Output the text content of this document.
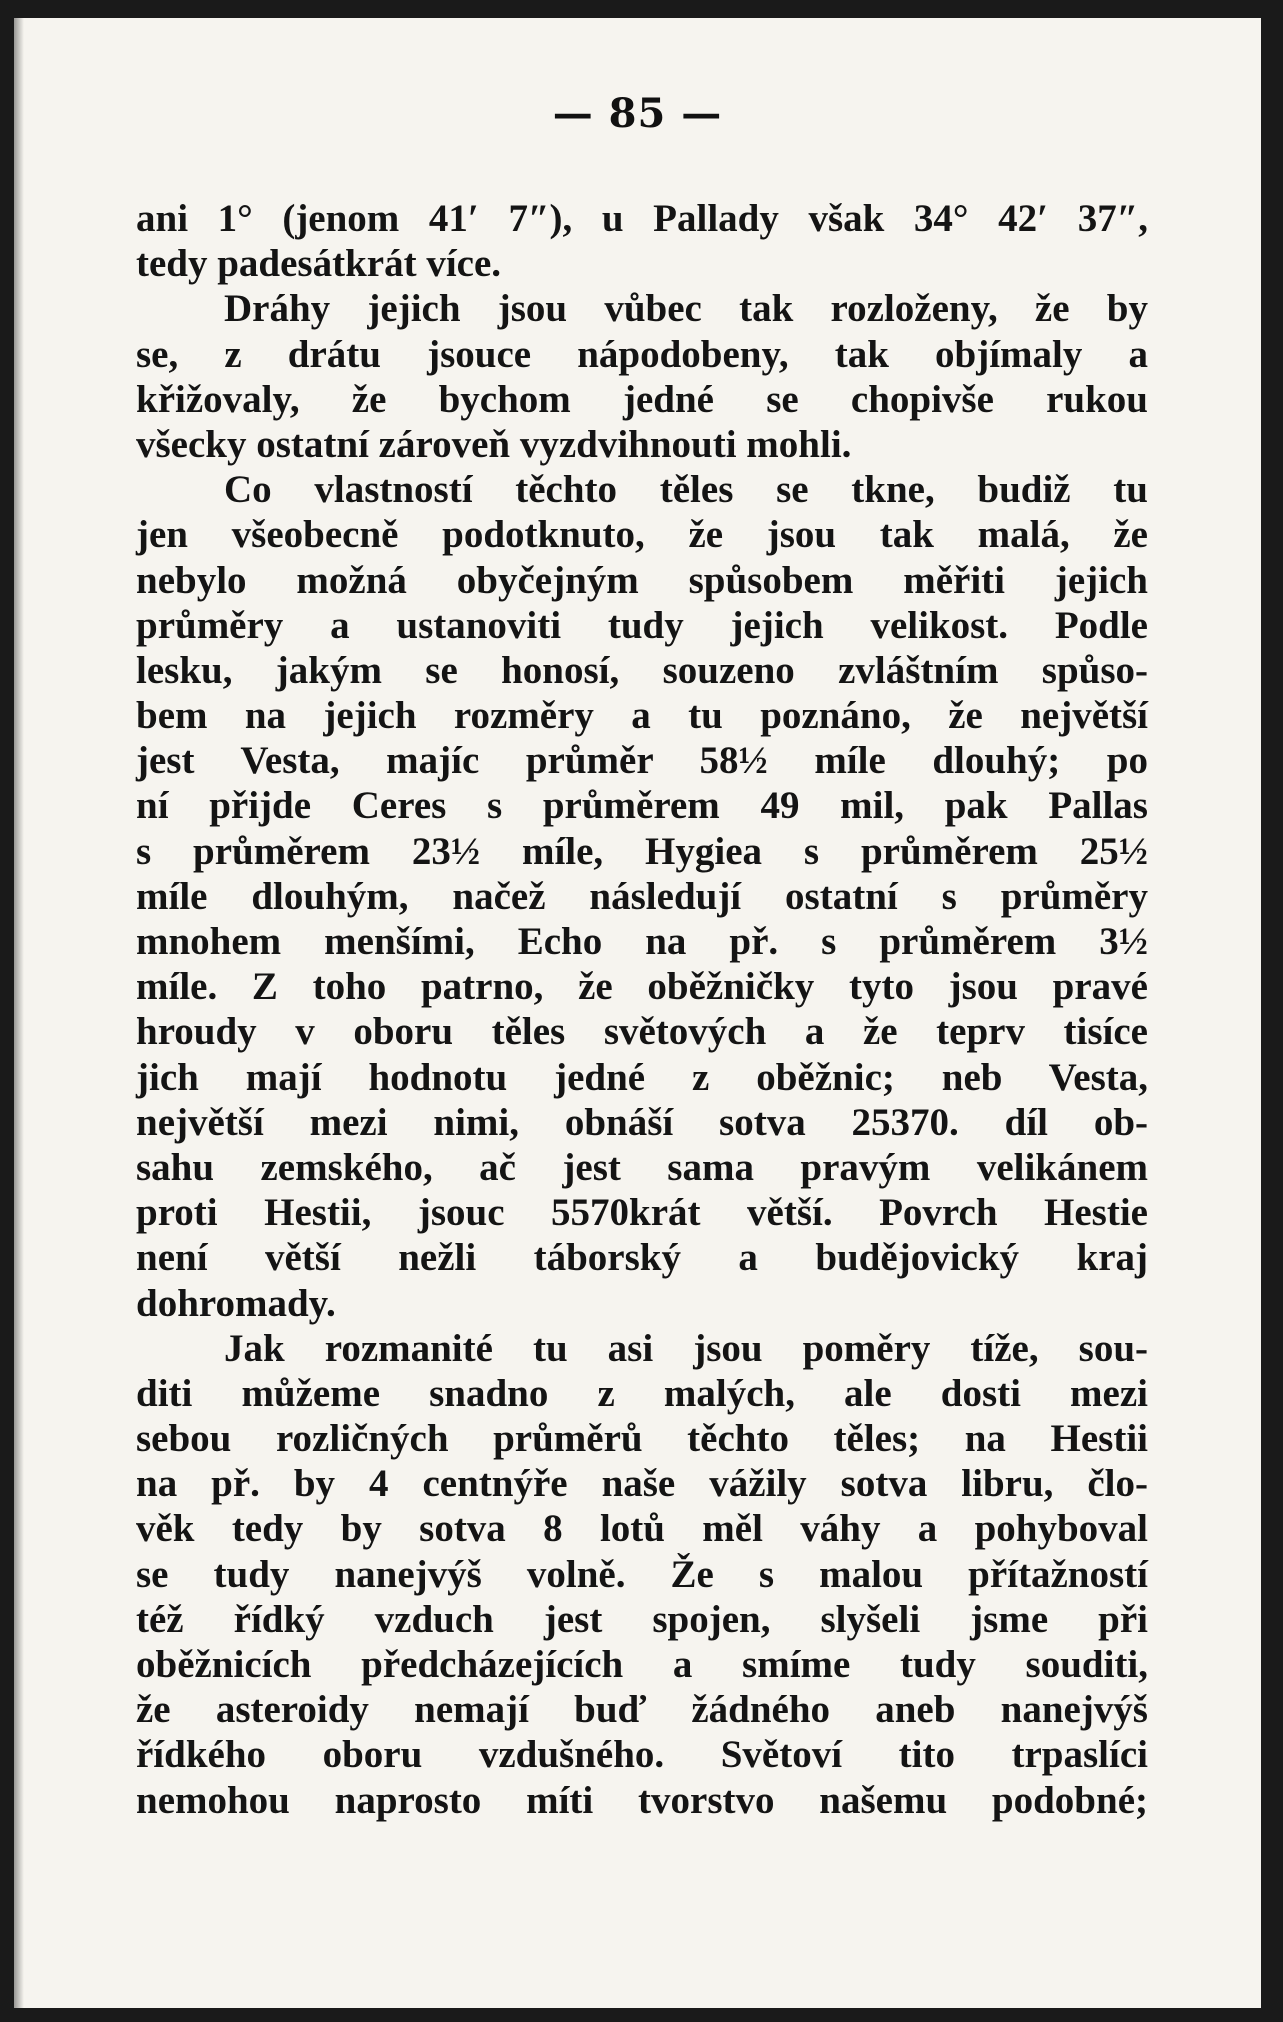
— 85 —
ani 1° (jenom 41′ 7″), u Pallady však 34° 42′ 37″,
tedy padesátkrát více.
Dráhy jejich jsou vůbec tak rozloženy, že by
se, z drátu jsouce nápodobeny, tak objímaly a
křižovaly, že bychom jedné se chopivše rukou
všecky ostatní zároveň vyzdvihnouti mohli.
Co vlastností těchto těles se tkne, budiž tu
jen všeobecně podotknuto, že jsou tak malá, že
nebylo možná obyčejným spůsobem měřiti jejich
průměry a ustanoviti tudy jejich velikost. Podle
lesku, jakým se honosí, souzeno zvláštním spůso-
bem na jejich rozměry a tu poznáno, že největší
jest Vesta, majíc průměr 58½ míle dlouhý; po
ní přijde Ceres s průměrem 49 mil, pak Pallas
s průměrem 23½ míle, Hygiea s průměrem 25½
míle dlouhým, načež následují ostatní s průměry
mnohem menšími, Echo na př. s průměrem 3½
míle. Z toho patrno, že oběžničky tyto jsou pravé
hroudy v oboru těles světových a že teprv tisíce
jich mají hodnotu jedné z oběžnic; neb Vesta,
největší mezi nimi, obnáší sotva 25370. díl ob-
sahu zemského, ač jest sama pravým velikánem
proti Hestii, jsouc 5570krát větší. Povrch Hestie
není větší nežli táborský a budějovický kraj
dohromady.
Jak rozmanité tu asi jsou poměry tíže, sou-
diti můžeme snadno z malých, ale dosti mezi
sebou rozličných průměrů těchto těles; na Hestii
na př. by 4 centnýře naše vážily sotva libru, člo-
věk tedy by sotva 8 lotů měl váhy a pohyboval
se tudy nanejvýš volně. Že s malou přítažností
též řídký vzduch jest spojen, slyšeli jsme při
oběžnicích předcházejících a smíme tudy souditi,
že asteroidy nemají buď žádného aneb nanejvýš
řídkého oboru vzdušného. Světoví tito trpaslíci
nemohou naprosto míti tvorstvo našemu podobné;
